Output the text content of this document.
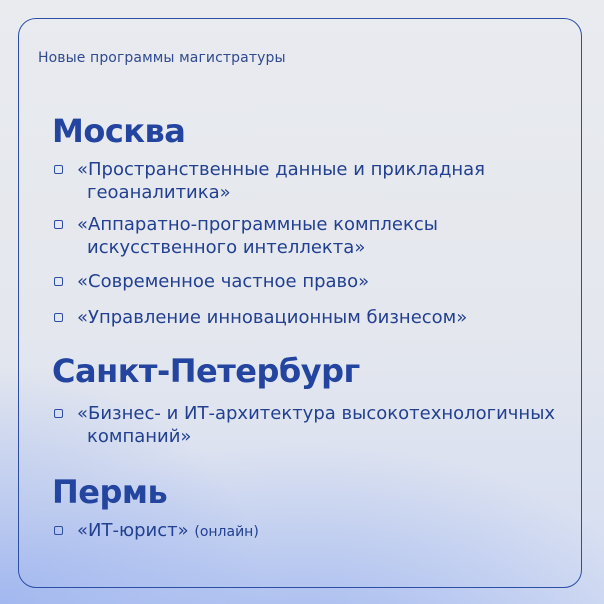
Новые программы магистратуры
Москва
«Пространственные данные и прикладная геоаналитика»
«Аппаратно-программные комплексы искусственного интеллекта»
«Современное частное право»
«Управление инновационным бизнесом»
Санкт-Петербург
«Бизнес- и ИТ-архитектура высокотехнологичных компаний»
Пермь
«ИТ-юрист» (онлайн)
